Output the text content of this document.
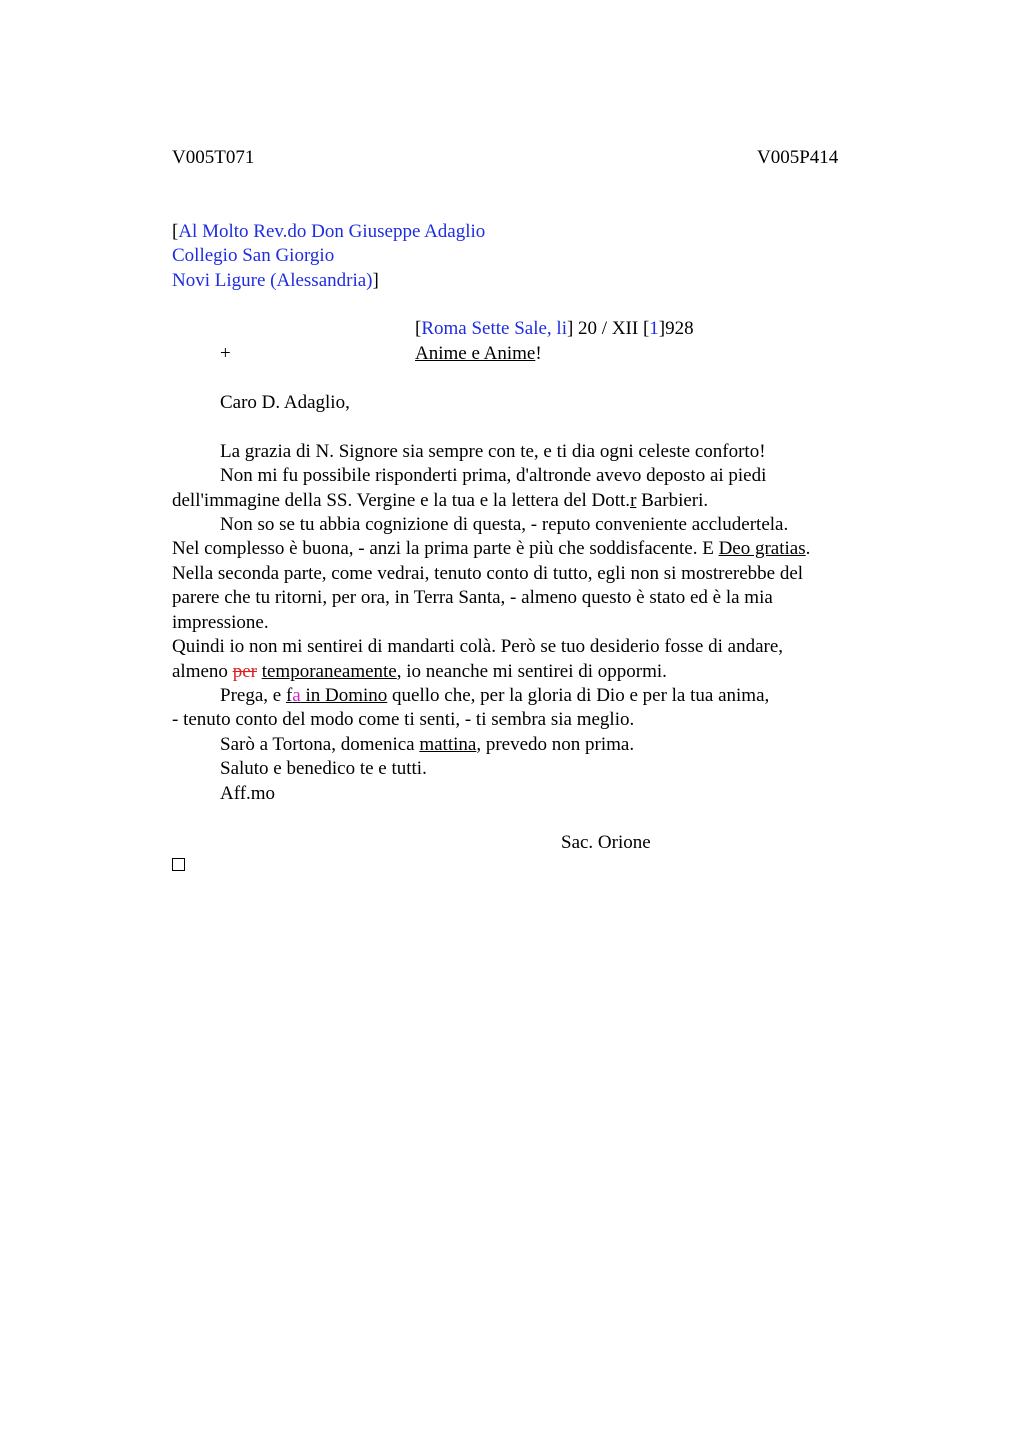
V005T071	V005P414
[Al Molto Rev.do Don Giuseppe Adaglio
Collegio San Giorgio
Novi Ligure (Alessandria)]
[Roma Sette Sale, li] 20 / XII [1]928
+	Anime e Anime!
Caro D. Adaglio,
La grazia di N. Signore sia sempre con te, e ti dia ogni celeste conforto!
Non mi fu possibile risponderti prima, d'altronde avevo deposto ai piedi
dell'immagine della SS. Vergine e la tua e la lettera del Dott.r Barbieri.
Non so se tu abbia cognizione di questa, - reputo conveniente accludertela.
Nel complesso è buona, - anzi la prima parte è più che soddisfacente. E Deo gratias.
Nella seconda parte, come vedrai, tenuto conto di tutto, egli non si mostrerebbe del
parere che tu ritorni, per ora, in Terra Santa, - almeno questo è stato ed è la mia
impressione.
Quindi io non mi sentirei di mandarti colà. Però se tuo desiderio fosse di andare,
almeno per temporaneamente, io neanche mi sentirei di oppormi.
Prega, e fa in Domino quello che, per la gloria di Dio e per la tua anima,
- tenuto conto del modo come ti senti, - ti sembra sia meglio.
Sarò a Tortona, domenica mattina, prevedo non prima.
Saluto e benedico te e tutti.
Aff.mo
Sac. Orione
